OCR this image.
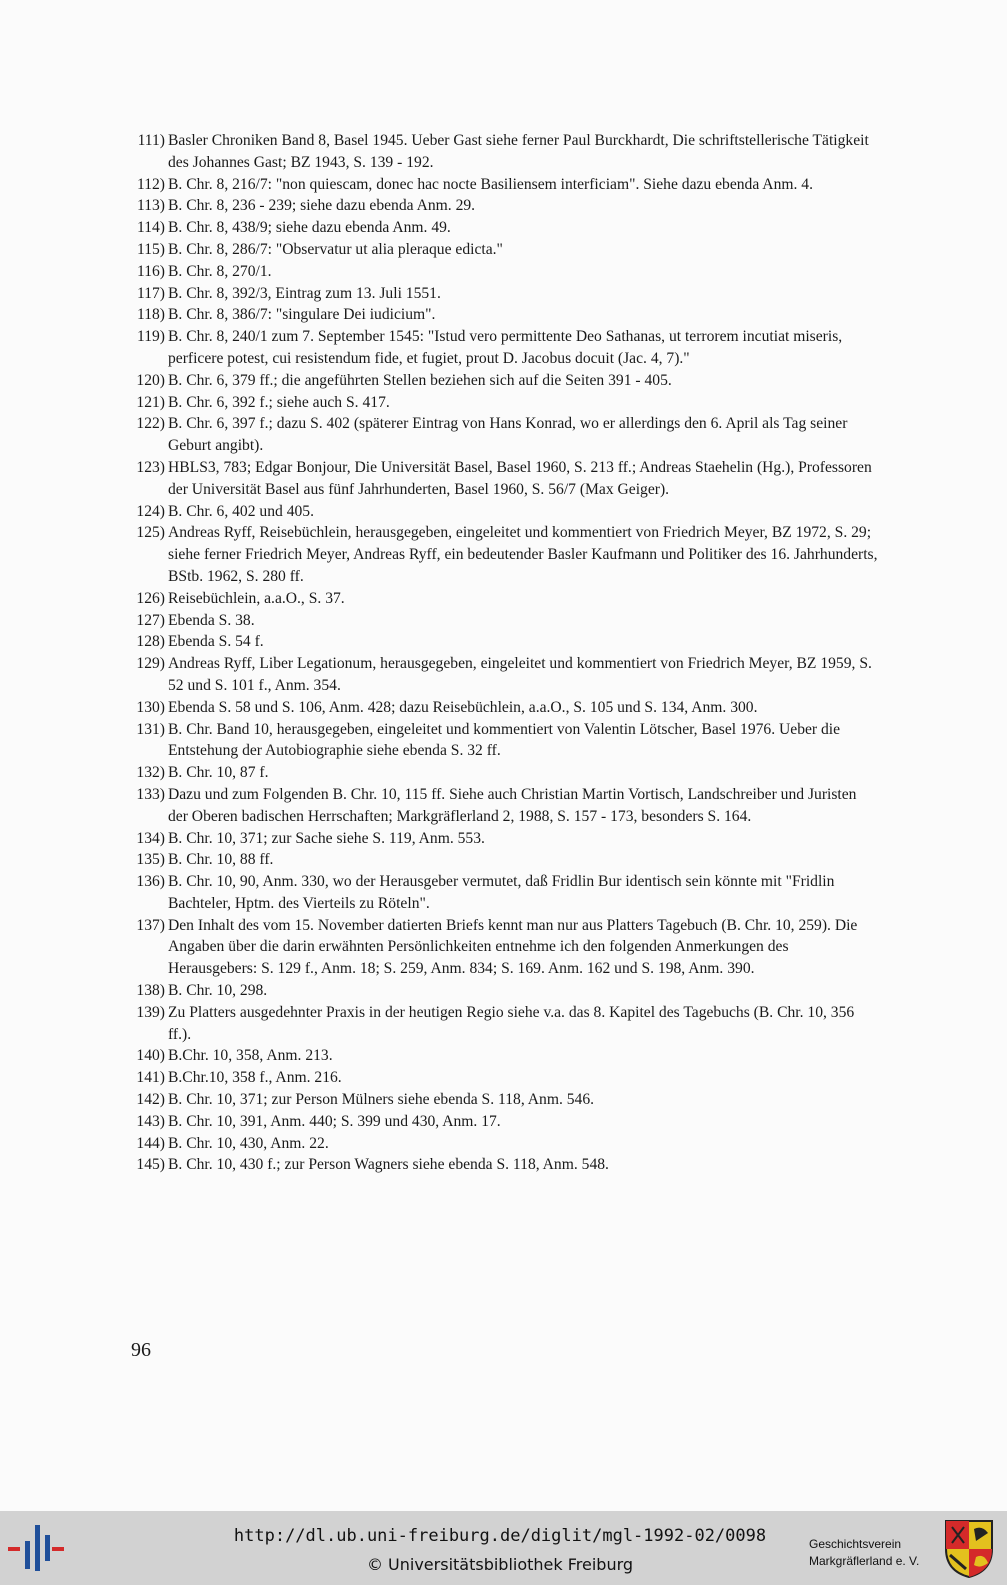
111) Basler Chroniken Band 8, Basel 1945. Ueber Gast siehe ferner Paul Burckhardt, Die schriftstellerische Tätigkeit des Johannes Gast; BZ 1943, S. 139 - 192.
112) B. Chr. 8, 216/7: "non quiescam, donec hac nocte Basiliensem interficiam". Siehe dazu ebenda Anm. 4.
113) B. Chr. 8, 236 - 239; siehe dazu ebenda Anm. 29.
114) B. Chr. 8, 438/9; siehe dazu ebenda Anm. 49.
115) B. Chr. 8, 286/7: "Observatur ut alia pleraque edicta."
116) B. Chr. 8, 270/1.
117) B. Chr. 8, 392/3, Eintrag zum 13. Juli 1551.
118) B. Chr. 8, 386/7: "singulare Dei iudicium".
119) B. Chr. 8, 240/1 zum 7. September 1545: "Istud vero permittente Deo Sathanas, ut terrorem incutiat miseris, perficere potest, cui resistendum fide, et fugiet, prout D. Jacobus docuit (Jac. 4, 7)."
120) B. Chr. 6, 379 ff.; die angeführten Stellen beziehen sich auf die Seiten 391 - 405.
121) B. Chr. 6, 392 f.; siehe auch S. 417.
122) B. Chr. 6, 397 f.; dazu S. 402 (späterer Eintrag von Hans Konrad, wo er allerdings den 6. April als Tag seiner Geburt angibt).
123) HBLS3, 783; Edgar Bonjour, Die Universität Basel, Basel 1960, S. 213 ff.; Andreas Staehelin (Hg.), Professoren der Universität Basel aus fünf Jahrhunderten, Basel 1960, S. 56/7 (Max Geiger).
124) B. Chr. 6, 402 und 405.
125) Andreas Ryff, Reisebüchlein, herausgegeben, eingeleitet und kommentiert von Friedrich Meyer, BZ 1972, S. 29; siehe ferner Friedrich Meyer, Andreas Ryff, ein bedeutender Basler Kaufmann und Politiker des 16. Jahrhunderts, BStb. 1962, S. 280 ff.
126) Reisebüchlein, a.a.O., S. 37.
127) Ebenda S. 38.
128) Ebenda S. 54 f.
129) Andreas Ryff, Liber Legationum, herausgegeben, eingeleitet und kommentiert von Friedrich Meyer, BZ 1959, S. 52 und S. 101 f., Anm. 354.
130) Ebenda S. 58 und S. 106, Anm. 428; dazu Reisebüchlein, a.a.O., S. 105 und S. 134, Anm. 300.
131) B. Chr. Band 10, herausgegeben, eingeleitet und kommentiert von Valentin Lötscher, Basel 1976. Ueber die Entstehung der Autobiographie siehe ebenda S. 32 ff.
132) B. Chr. 10, 87 f.
133) Dazu und zum Folgenden B. Chr. 10, 115 ff. Siehe auch Christian Martin Vortisch, Landschreiber und Juristen der Oberen badischen Herrschaften; Markgräflerland 2, 1988, S. 157 - 173, besonders S. 164.
134) B. Chr. 10, 371; zur Sache siehe S. 119, Anm. 553.
135) B. Chr. 10, 88 ff.
136) B. Chr. 10, 90, Anm. 330, wo der Herausgeber vermutet, daß Fridlin Bur identisch sein könnte mit "Fridlin Bachteler, Hptm. des Vierteils zu Röteln".
137) Den Inhalt des vom 15. November datierten Briefs kennt man nur aus Platters Tagebuch (B. Chr. 10, 259). Die Angaben über die darin erwähnten Persönlichkeiten entnehme ich den folgenden Anmerkungen des Herausgebers: S. 129 f., Anm. 18; S. 259, Anm. 834; S. 169. Anm. 162 und S. 198, Anm. 390.
138) B. Chr. 10, 298.
139) Zu Platters ausgedehnter Praxis in der heutigen Regio siehe v.a. das 8. Kapitel des Tagebuchs (B. Chr. 10, 356 ff.).
140) B.Chr. 10, 358, Anm. 213.
141) B.Chr.10, 358 f., Anm. 216.
142) B. Chr. 10, 371; zur Person Mülners siehe ebenda S. 118, Anm. 546.
143) B. Chr. 10, 391, Anm. 440; S. 399 und 430, Anm. 17.
144) B. Chr. 10, 430, Anm. 22.
145) B. Chr. 10, 430 f.; zur Person Wagners siehe ebenda S. 118, Anm. 548.
96
http://dl.ub.uni-freiburg.de/diglit/mgl-1992-02/0098
© Universitätsbibliothek Freiburg
Geschichtsverein
Markgräflerland e. V.
